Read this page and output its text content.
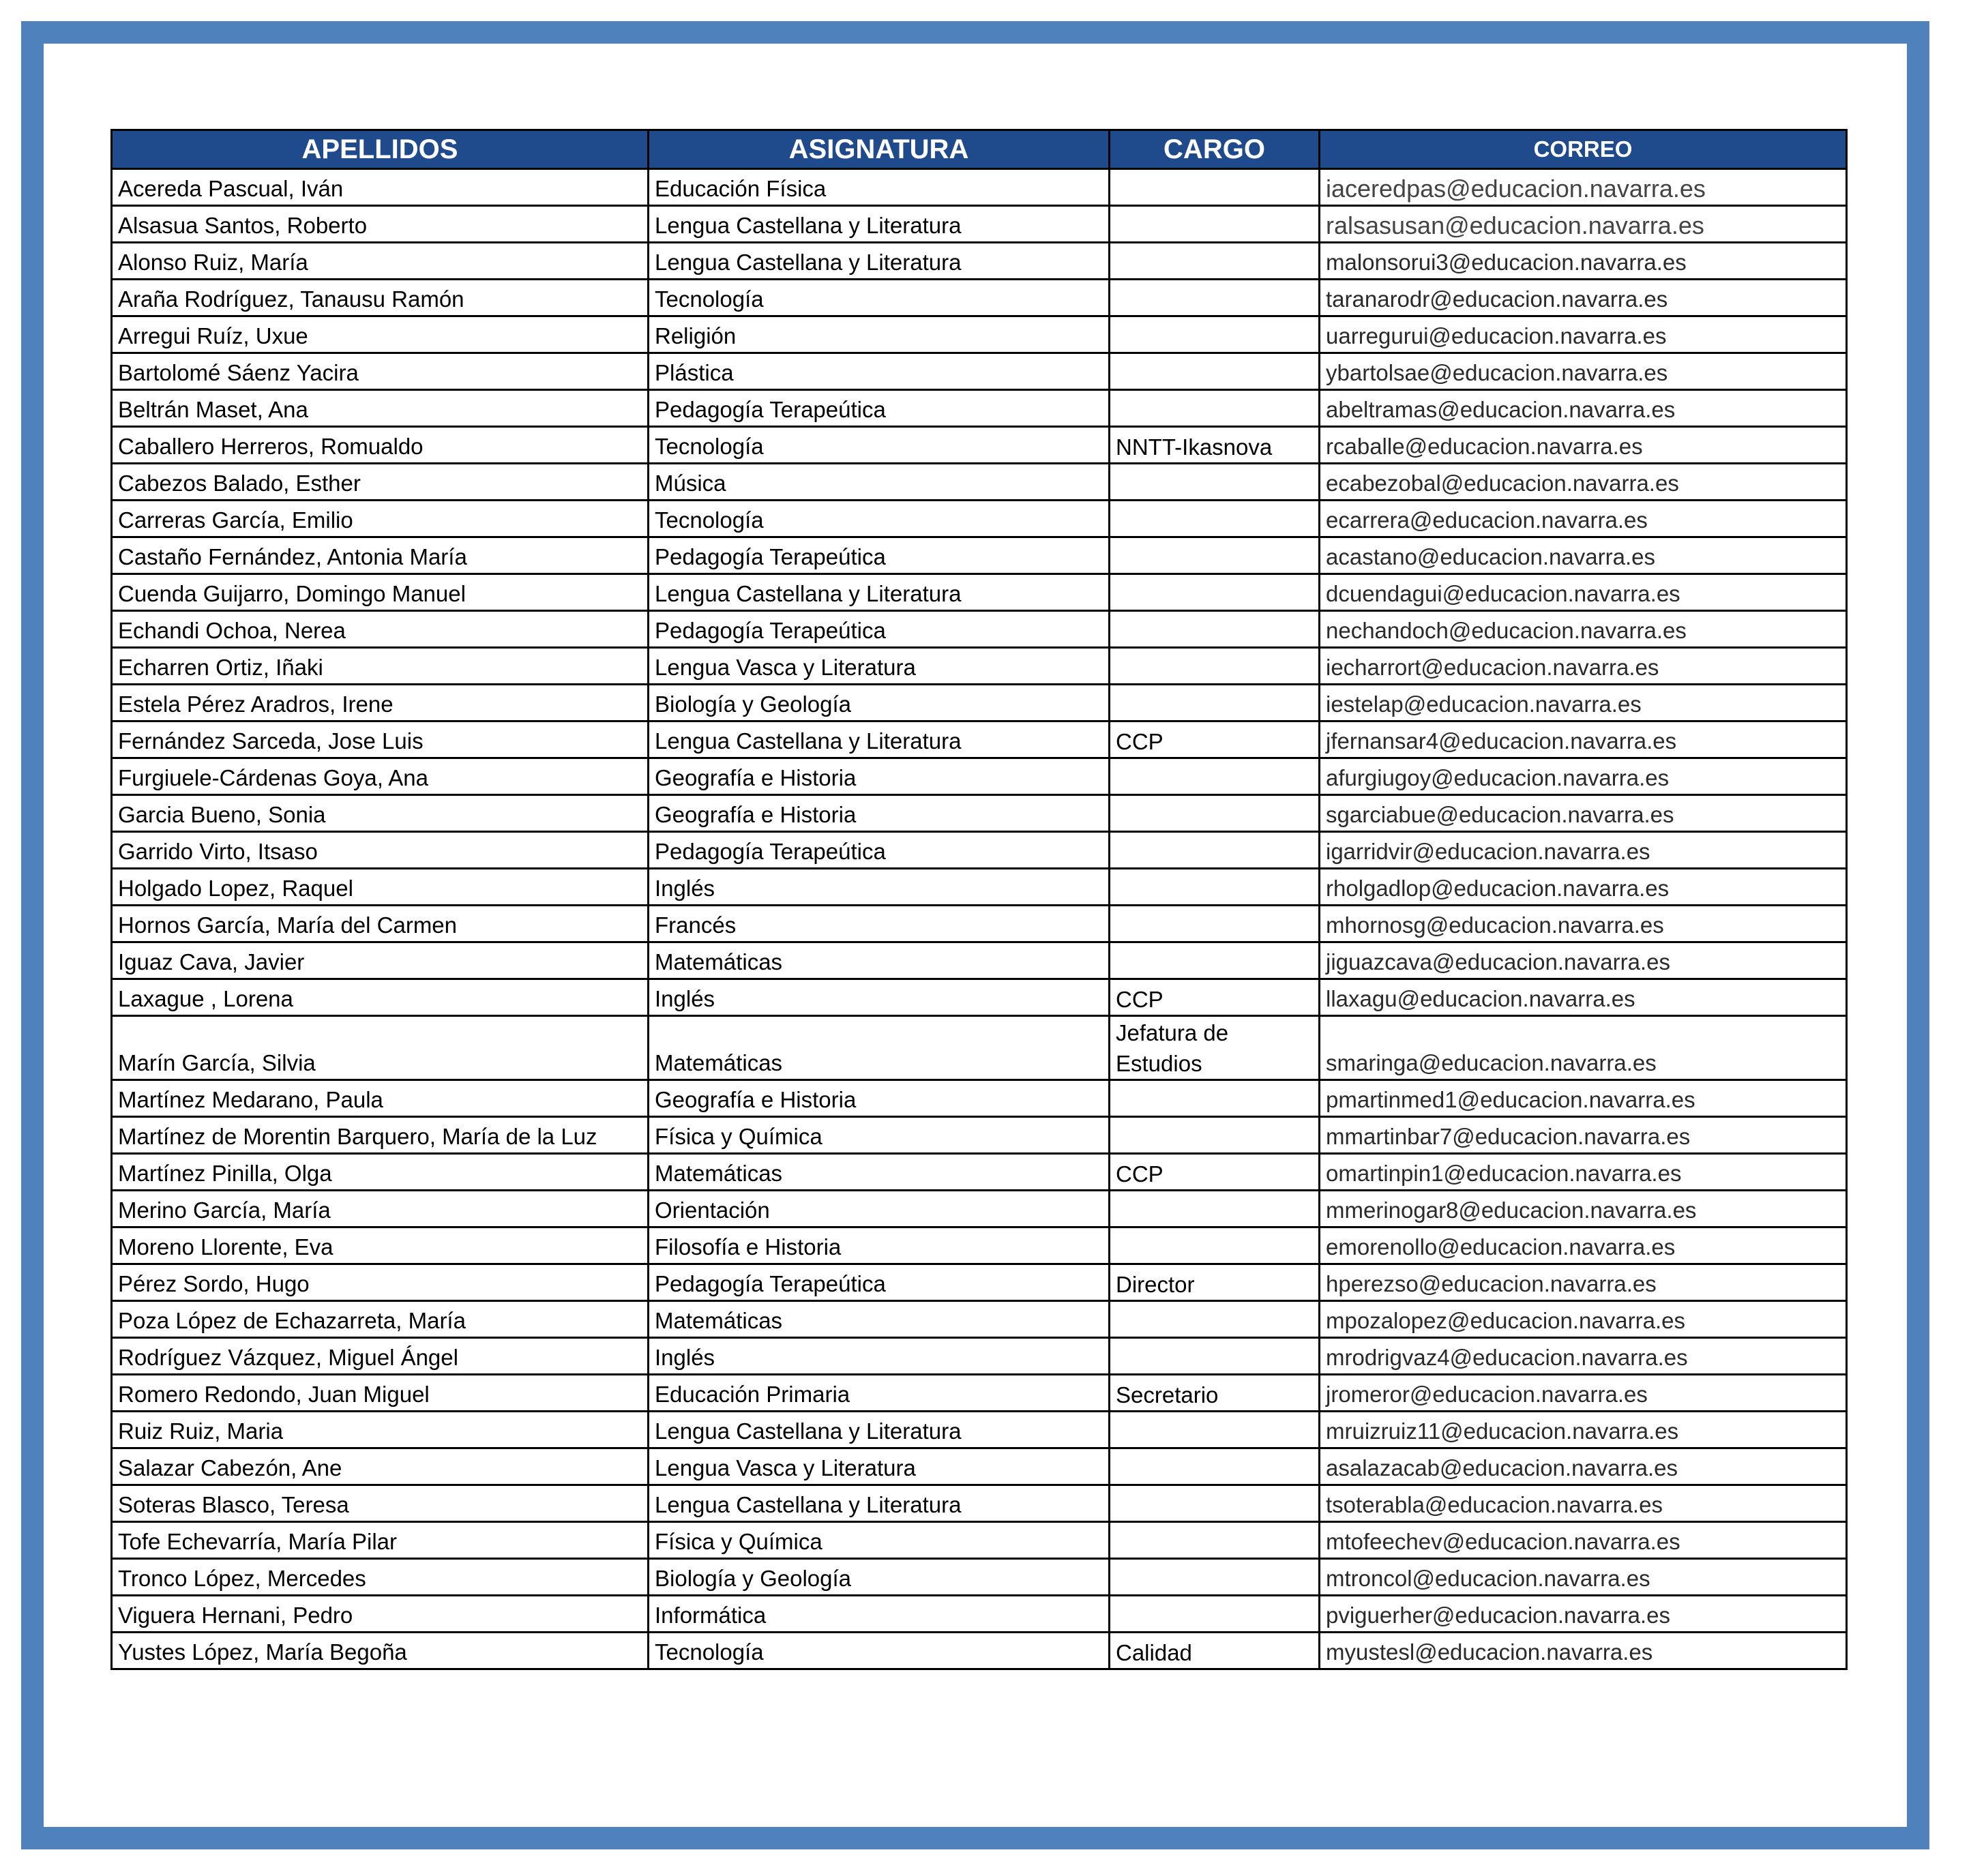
APELLIDOS	ASIGNATURA	CARGO	CORREO
Acereda Pascual, Iván	Educación Física		iaceredpas@educacion.navarra.es
Alsasua Santos, Roberto	Lengua Castellana y Literatura		ralsasusan@educacion.navarra.es
Alonso Ruiz, María	Lengua Castellana y Literatura		malonsorui3@educacion.navarra.es
Araña Rodríguez, Tanausu Ramón	Tecnología		taranarodr@educacion.navarra.es
Arregui Ruíz, Uxue	Religión		uarregurui@educacion.navarra.es
Bartolomé Sáenz Yacira	Plástica		ybartolsae@educacion.navarra.es
Beltrán Maset, Ana	Pedagogía Terapeútica		abeltramas@educacion.navarra.es
Caballero Herreros, Romualdo	Tecnología	NNTT-Ikasnova	rcaballe@educacion.navarra.es
Cabezos Balado, Esther	Música		ecabezobal@educacion.navarra.es
Carreras García, Emilio	Tecnología		ecarrera@educacion.navarra.es
Castaño Fernández, Antonia María	Pedagogía Terapeútica		acastano@educacion.navarra.es
Cuenda Guijarro, Domingo Manuel	Lengua Castellana y Literatura		dcuendagui@educacion.navarra.es
Echandi Ochoa, Nerea	Pedagogía Terapeútica		nechandoch@educacion.navarra.es
Echarren Ortiz, Iñaki	Lengua Vasca y Literatura		iecharrort@educacion.navarra.es
Estela Pérez Aradros, Irene	Biología y Geología		iestelap@educacion.navarra.es
Fernández Sarceda, Jose Luis	Lengua Castellana y Literatura	CCP	jfernansar4@educacion.navarra.es
Furgiuele-Cárdenas Goya, Ana	Geografía e Historia		afurgiugoy@educacion.navarra.es
Garcia Bueno, Sonia	Geografía e Historia		sgarciabue@educacion.navarra.es
Garrido Virto, Itsaso	Pedagogía Terapeútica		igarridvir@educacion.navarra.es
Holgado Lopez, Raquel	Inglés		rholgadlop@educacion.navarra.es
Hornos García, María del Carmen	Francés		mhornosg@educacion.navarra.es
Iguaz Cava, Javier	Matemáticas		jiguazcava@educacion.navarra.es
Laxague , Lorena	Inglés	CCP	llaxagu@educacion.navarra.es
Marín García, Silvia	Matemáticas	Jefatura de Estudios	smaringa@educacion.navarra.es
Martínez Medarano, Paula	Geografía e Historia		pmartinmed1@educacion.navarra.es
Martínez de Morentin Barquero, María de la Luz	Física y Química		mmartinbar7@educacion.navarra.es
Martínez Pinilla, Olga	Matemáticas	CCP	omartinpin1@educacion.navarra.es
Merino García, María	Orientación		mmerinogar8@educacion.navarra.es
Moreno Llorente, Eva	Filosofía e Historia		emorenollo@educacion.navarra.es
Pérez Sordo, Hugo	Pedagogía Terapeútica	Director	hperezso@educacion.navarra.es
Poza López de Echazarreta, María	Matemáticas		mpozalopez@educacion.navarra.es
Rodríguez Vázquez, Miguel Ángel	Inglés		mrodrigvaz4@educacion.navarra.es
Romero Redondo, Juan Miguel	Educación Primaria	Secretario	jromeror@educacion.navarra.es
Ruiz Ruiz, Maria	Lengua Castellana y Literatura		mruizruiz11@educacion.navarra.es
Salazar Cabezón, Ane	Lengua Vasca y Literatura		asalazacab@educacion.navarra.es
Soteras Blasco, Teresa	Lengua Castellana y Literatura		tsoterabla@educacion.navarra.es
Tofe Echevarría, María Pilar	Física y Química		mtofeechev@educacion.navarra.es
Tronco López, Mercedes	Biología y Geología		mtroncol@educacion.navarra.es
Viguera Hernani, Pedro	Informática		pviguerher@educacion.navarra.es
Yustes López, María Begoña	Tecnología	Calidad	myustesl@educacion.navarra.es
